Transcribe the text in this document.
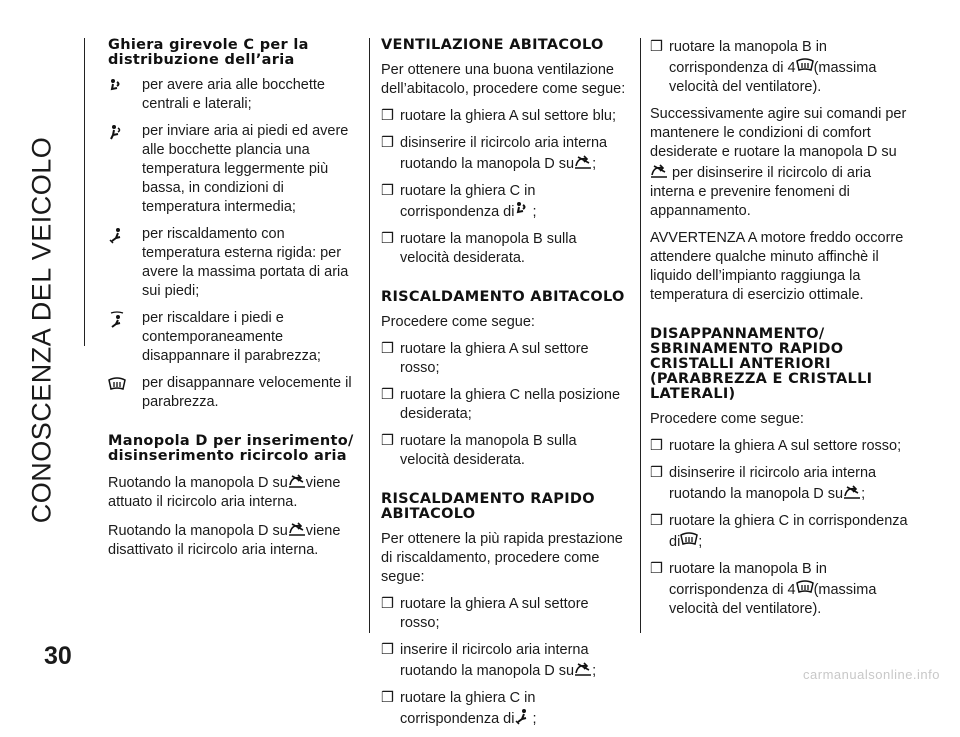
CONOSCENZA DEL VEICOLO
30
Ghiera girevole C per la distribuzione dell’aria
per avere aria alle bocchette centrali e laterali;
per inviare aria ai piedi ed avere alle bocchette plancia una temperatura leggermente più bassa, in condizioni di temperatura intermedia;
per riscaldamento con temperatura esterna rigida: per avere la massima portata di aria sui piedi;
per riscaldare i piedi e contemporaneamente disappannare il parabrezza;
per disappannare velocemente il parabrezza.
Manopola D per inserimento/ disinserimento ricircolo aria

Ruotando la manopola D su viene attuato il ricircolo aria interna.

Ruotando la manopola D su viene disattivato il ricircolo aria interna.

VENTILAZIONE ABITACOLO

Per ottenere una buona ventilazione dell’abitacolo, procedere come segue:

❒ ruotare la ghiera A sul settore blu;
❒ disinserire il ricircolo aria interna ruotando la manopola D su ;
❒ ruotare la ghiera C in corrispondenza di ;
❒ ruotare la manopola B sulla velocità desiderata.
RISCALDAMENTO ABITACOLO

Procedere come segue:

❒ ruotare la ghiera A sul settore rosso;
❒ ruotare la ghiera C nella posizione desiderata;
❒ ruotare la manopola B sulla velocità desiderata.
RISCALDAMENTO RAPIDO ABITACOLO

Per ottenere la più rapida prestazione di riscaldamento, procedere come segue:

❒ ruotare la ghiera A sul settore rosso;
❒ inserire il ricircolo aria interna ruotando la manopola D su ;
❒ ruotare la ghiera C in corrispondenza di ;
❒ ruotare la manopola B in corrispondenza di 4 (massima velocità del ventilatore).

Successivamente agire sui comandi per mantenere le condizioni di comfort desiderate e ruotare la manopola D su  per disinserire il ricircolo di aria interna e prevenire fenomeni di appannamento.

AVVERTENZA A motore freddo occorre attendere qualche minuto affinchè il liquido dell’impianto raggiunga la temperatura di esercizio ottimale.

DISAPPANNAMENTO/ SBRINAMENTO RAPIDO CRISTALLI ANTERIORI (PARABREZZA E CRISTALLI LATERALI)

Procedere come segue:

❒ ruotare la ghiera A sul settore rosso;
❒ disinserire il ricircolo aria interna ruotando la manopola D su ;
❒ ruotare la ghiera C in corrispondenza di ;
❒ ruotare la manopola B in corrispondenza di 4 (massima velocità del ventilatore).
carmanualsonline.info
